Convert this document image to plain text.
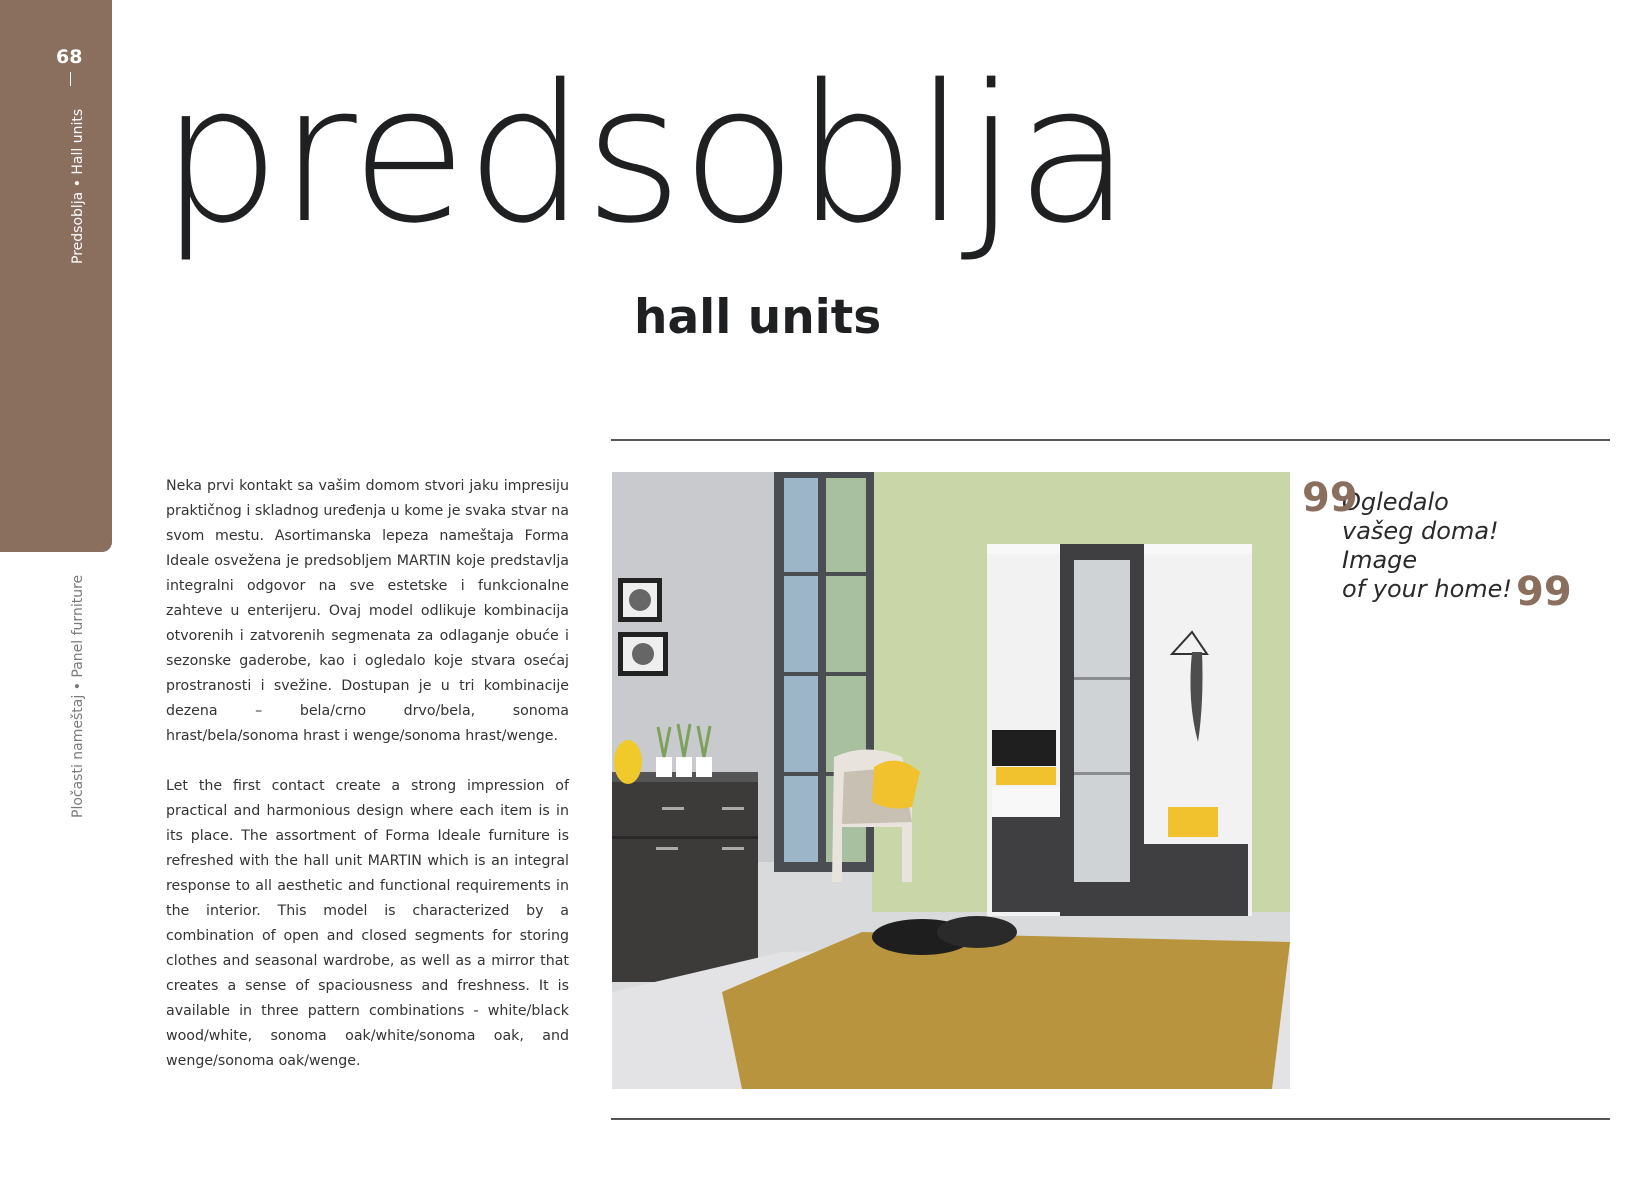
68
Predsoblja • Hall units
Pločasti nameštaj • Panel furniture
predsoblja
hall units
Neka prvi kontakt sa vašim domom stvori jaku impresiju praktičnog i skladnog uređenja u kome je svaka stvar na svom mestu. Asortimanska lepeza nameštaja Forma Ideale osvežena je predsobljem MARTIN koje predstavlja integralni odgovor na sve estetske i funkcionalne zahteve u enterijeru. Ovaj model odlikuje kombinacija otvorenih i zatvorenih segmenata za odlaganje obuće i sezonske gaderobe, kao i ogledalo koje stvara osećaj prostranosti i svežine. Dostupan je u tri kombinacije dezena – bela/crno drvo/bela, sonoma hrast/bela/sonoma hrast i wenge/sonoma hrast/wenge.
Let the first contact create a strong impression of practical and harmonious design where each item is in its place. The assortment of Forma Ideale furniture is refreshed with the hall unit MARTIN which is an integral response to all aesthetic and functional requirements in the interior. This model is characterized by a combination of open and closed segments for storing clothes and seasonal wardrobe, as well as a mirror that creates a sense of spaciousness and freshness. It is available in three pattern combinations - white/black wood/white, sonoma oak/white/sonoma oak, and wenge/sonoma oak/wenge.
99
Ogledalo
vašeg doma!
Image
of your home! 99
